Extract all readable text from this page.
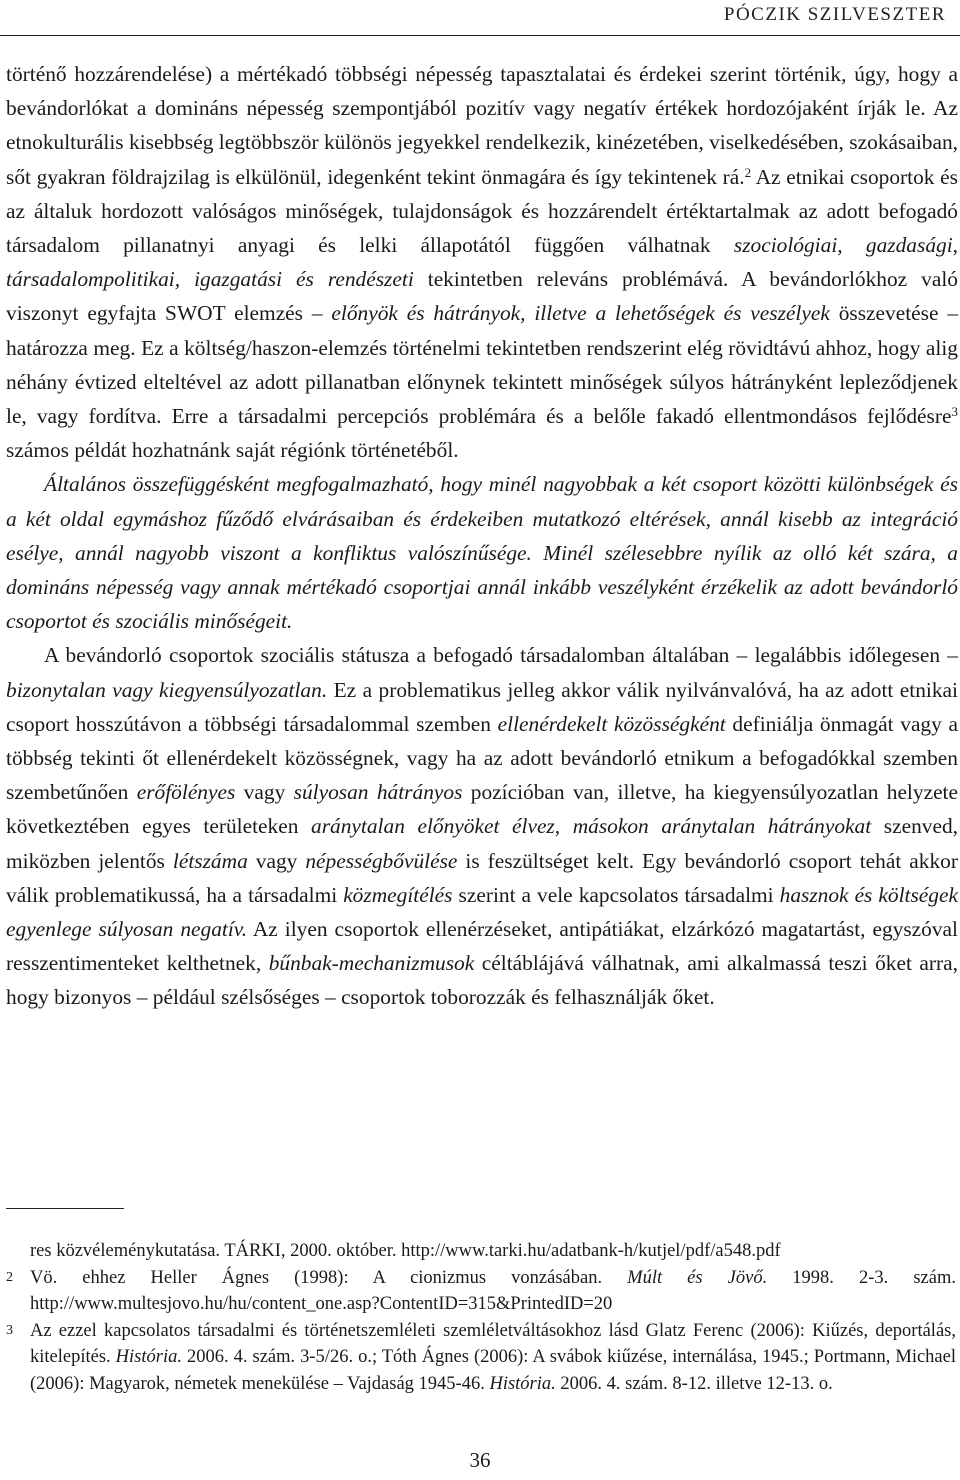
PÓCZIK SZILVESZTER

történő hozzárendelése) a mértékadó többségi népesség tapasztalatai és érdekei szerint történik, úgy, hogy a bevándorlókat a domináns népesség szempontjából pozitív vagy negatív értékek hordozójaként írják le. Az etnokulturális kisebbség legtöbbször különös jegyekkel rendelkezik, kinézetében, viselkedésében, szokásaiban, sőt gyakran földrajzilag is elkülönül, idegenként tekint önmagára és így tekintenek rá.$^2$ Az etnikai csoportok és az általuk hordozott valóságos minőségek, tulajdonságok és hozzárendelt értéktartalmak az adott befogadó társadalom pillanatnyi anyagi és lelki állapotától függően válhatnak szociológiai, gazdasági, társadalompolitikai, igazgatási és rendészeti tekintetben releváns problémává. A bevándorlókhoz való viszonyt egyfajta SWOT elemzés – előnyök és hátrányok, illetve a lehetőségek és veszélyek összevetése – határozza meg. Ez a költség/haszon-elemzés történelmi tekintetben rendszerint elég rövidtávú ahhoz, hogy alig néhány évtized elteltével az adott pillanatban előnynek tekintett minőségek súlyos hátrányként lepleződjenek le, vagy fordítva. Erre a társadalmi percepciós problémára és a belőle fakadó ellentmondásos fejlődésre$^3$ számos példát hozhatnánk saját régiónk történetéből.

Általános összefüggésként megfogalmazható, hogy minél nagyobbak a két csoport közötti különbségek és a két oldal egymáshoz fűződő elvárásaiban és érdekeiben mutatkozó eltérések, annál kisebb az integráció esélye, annál nagyobb viszont a konfliktus valószínűsége. Minél szélesebbre nyílik az olló két szára, a domináns népesség vagy annak mértékadó csoportjai annál inkább veszélyként érzékelik az adott bevándorló csoportot és szociális minőségeit.

A bevándorló csoportok szociális státusza a befogadó társadalomban általában – legalábbis időlegesen – bizonytalan vagy kiegyensúlyozatlan. Ez a problematikus jelleg akkor válik nyilvánvalóvá, ha az adott etnikai csoport hosszútávon a többségi társadalommal szemben ellenérdekelt közösségként definiálja önmagát vagy a többség tekinti őt ellenérdekelt közösségnek, vagy ha az adott bevándorló etnikum a befogadókkal szemben szembetűnően erőfölényes vagy súlyosan hátrányos pozícióban van, illetve, ha kiegyensúlyozatlan helyzete következtében egyes területeken aránytalan előnyöket élvez, másokon aránytalan hátrányokat szenved, miközben jelentős létszáma vagy népességbővülése is feszültséget kelt. Egy bevándorló csoport tehát akkor válik problematikussá, ha a társadalmi közmegítélés szerint a vele kapcsolatos társadalmi hasznok és költségek egyenlege súlyosan negatív. Az ilyen csoportok ellenérzéseket, antipátiákat, elzárkózó magatartást, egyszóval resszentimenteket kelthetnek, bűnbak-mechanizmusok céltáblájává válhatnak, ami alkalmassá teszi őket arra, hogy bizonyos – például szélsőséges – csoportok toborozzák és felhasználják őket.

res közvéleménykutatása. TÁRKI, 2000. október. http://www.tarki.hu/adatbank-h/kutjel/pdf/a548.pdf
2 Vö. ehhez Heller Ágnes (1998): A cionizmus vonzásában. Múlt és Jövő. 1998. 2-3. szám. http://www.multesjovo.hu/hu/content_one.asp?ContentID=315&PrintedID=20
3 Az ezzel kapcsolatos társadalmi és történetszemléleti szemléletváltásokhoz lásd Glatz Ferenc (2006): Kiűzés, deportálás, kitelepítés. História. 2006. 4. szám. 3-5/26. o.; Tóth Ágnes (2006): A svábok kiűzése, internálása, 1945.; Portmann, Michael (2006): Magyarok, németek menekülése – Vajdaság 1945-46. História. 2006. 4. szám. 8-12. illetve 12-13. o.
36
